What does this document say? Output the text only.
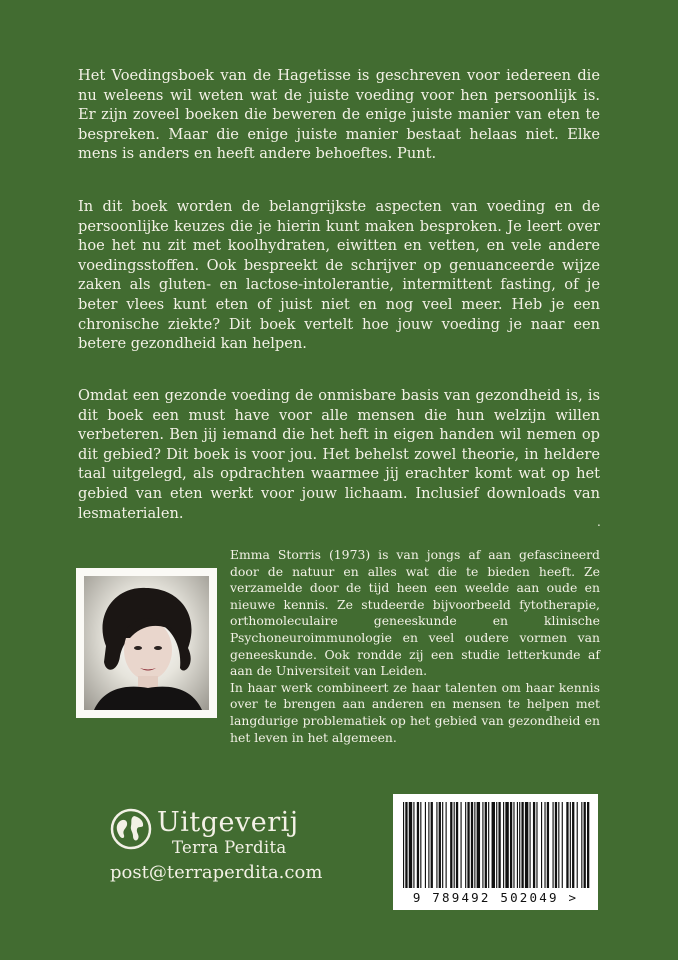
Het Voedingsboek van de Hagetisse is geschreven voor iedereen die nu weleens wil weten wat de juiste voeding voor hen persoonlijk is. Er zijn zoveel boeken die beweren de enige juiste manier van eten te bespreken. Maar die enige juiste manier bestaat helaas niet. Elke mens is anders en heeft andere behoeftes. Punt.

In dit boek worden de belangrijkste aspecten van voeding en de persoonlijke keuzes die je hierin kunt maken besproken. Je leert over hoe het nu zit met koolhydraten, eiwitten en vetten, en vele andere voedingsstoffen. Ook bespreekt de schrijver op genuanceerde wijze zaken als gluten- en lactose-intolerantie, intermittent fasting, of je beter vlees kunt eten of juist niet en nog veel meer. Heb je een chronische ziekte? Dit boek vertelt hoe jouw voeding je naar een betere gezondheid kan helpen.

Omdat een gezonde voeding de onmisbare basis van gezondheid is, is dit boek een must have voor alle mensen die hun welzijn willen verbeteren. Ben jij iemand die het heft in eigen handen wil nemen op dit gebied? Dit boek is voor jou. Het behelst zowel theorie, in heldere taal uitgelegd, als opdrachten waarmee jij erachter komt wat op het gebied van eten werkt voor jouw lichaam. Inclusief downloads van lesmaterialen.

.

Emma Storris (1973) is van jongs af aan gefascineerd door de natuur en alles wat die te bieden heeft. Ze verzamelde door de tijd heen een weelde aan oude en nieuwe kennis. Ze studeerde bijvoorbeeld fytotherapie, orthomoleculaire geneeskunde en klinische Psychoneuroimmunologie en veel oudere vormen van geneeskunde. Ook rondde zij een studie letterkunde af aan de Universiteit van Leiden.

In haar werk combineert ze haar talenten om haar kennis over te brengen aan anderen en mensen te helpen met langdurige problematiek op het gebied van gezondheid en het leven in het algemeen.

Uitgeverij

Terra Perdita

post@terraperdita.com

9 789492 502049 >
